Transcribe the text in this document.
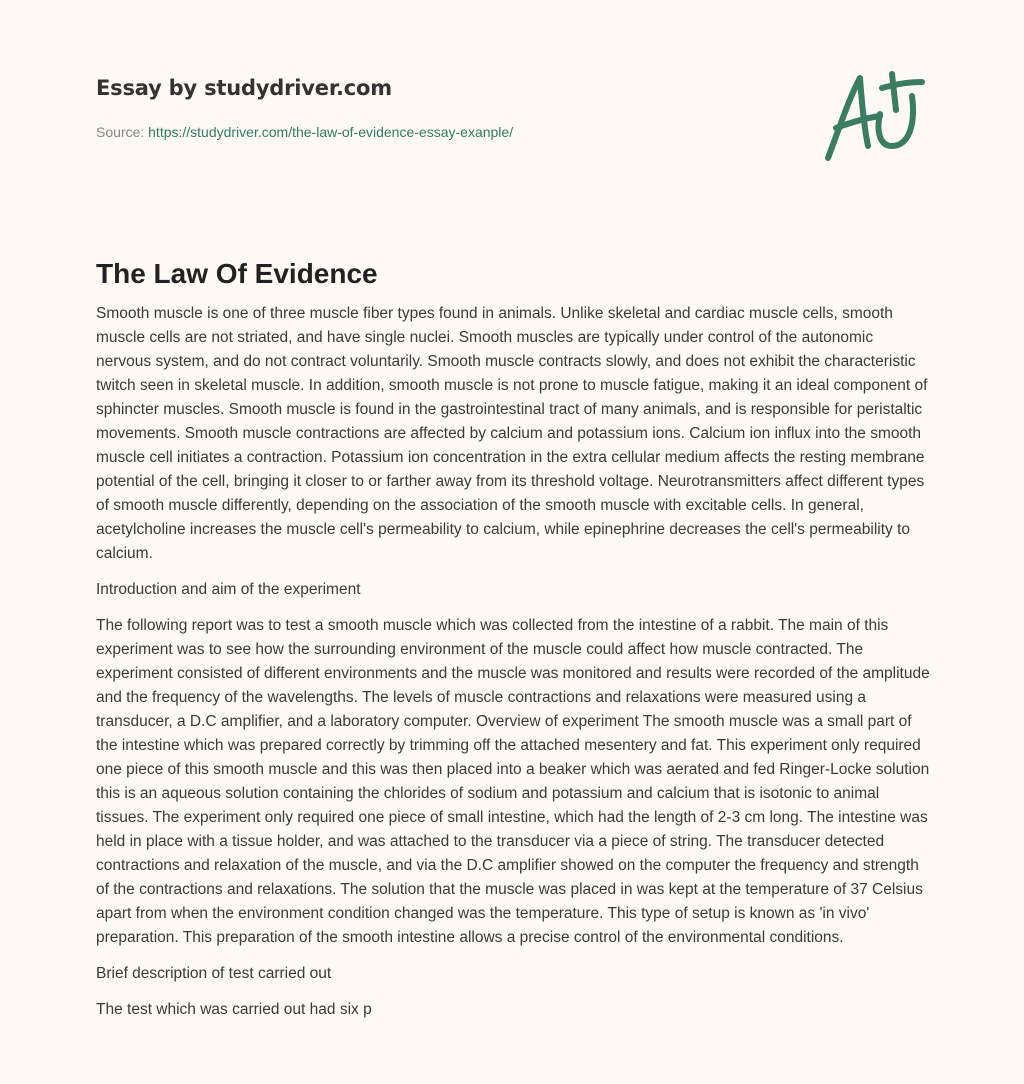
Essay by studydriver.com
Source: https://studydriver.com/the-law-of-evidence-essay-exanple/
The Law Of Evidence

Smooth muscle is one of three muscle fiber types found in animals. Unlike skeletal and cardiac muscle cells, smooth muscle cells are not striated, and have single nuclei. Smooth muscles are typically under control of the autonomic nervous system, and do not contract voluntarily. Smooth muscle contracts slowly, and does not exhibit the characteristic twitch seen in skeletal muscle. In addition, smooth muscle is not prone to muscle fatigue, making it an ideal component of sphincter muscles. Smooth muscle is found in the gastrointestinal tract of many animals, and is responsible for peristaltic movements. Smooth muscle contractions are affected by calcium and potassium ions. Calcium ion influx into the smooth muscle cell initiates a contraction. Potassium ion concentration in the extra cellular medium affects the resting membrane potential of the cell, bringing it closer to or farther away from its threshold voltage. Neurotransmitters affect different types of smooth muscle differently, depending on the association of the smooth muscle with excitable cells. In general, acetylcholine increases the muscle cell's permeability to calcium, while epinephrine decreases the cell's permeability to calcium.

Introduction and aim of the experiment

The following report was to test a smooth muscle which was collected from the intestine of a rabbit. The main of this experiment was to see how the surrounding environment of the muscle could affect how muscle contracted. The experiment consisted of different environments and the muscle was monitored and results were recorded of the amplitude and the frequency of the wavelengths. The levels of muscle contractions and relaxations were measured using a transducer, a D.C amplifier, and a laboratory computer. Overview of experiment The smooth muscle was a small part of the intestine which was prepared correctly by trimming off the attached mesentery and fat. This experiment only required one piece of this smooth muscle and this was then placed into a beaker which was aerated and fed Ringer-Locke solution this is an aqueous solution containing the chlorides of sodium and potassium and calcium that is isotonic to animal tissues. The experiment only required one piece of small intestine, which had the length of 2-3 cm long. The intestine was held in place with a tissue holder, and was attached to the transducer via a piece of string. The transducer detected contractions and relaxation of the muscle, and via the D.C amplifier showed on the computer the frequency and strength of the contractions and relaxations. The solution that the muscle was placed in was kept at the temperature of 37 Celsius apart from when the environment condition changed was the temperature. This type of setup is known as 'in vivo' preparation. This preparation of the smooth intestine allows a precise control of the environmental conditions.

Brief description of test carried out

The test which was carried out had six p
